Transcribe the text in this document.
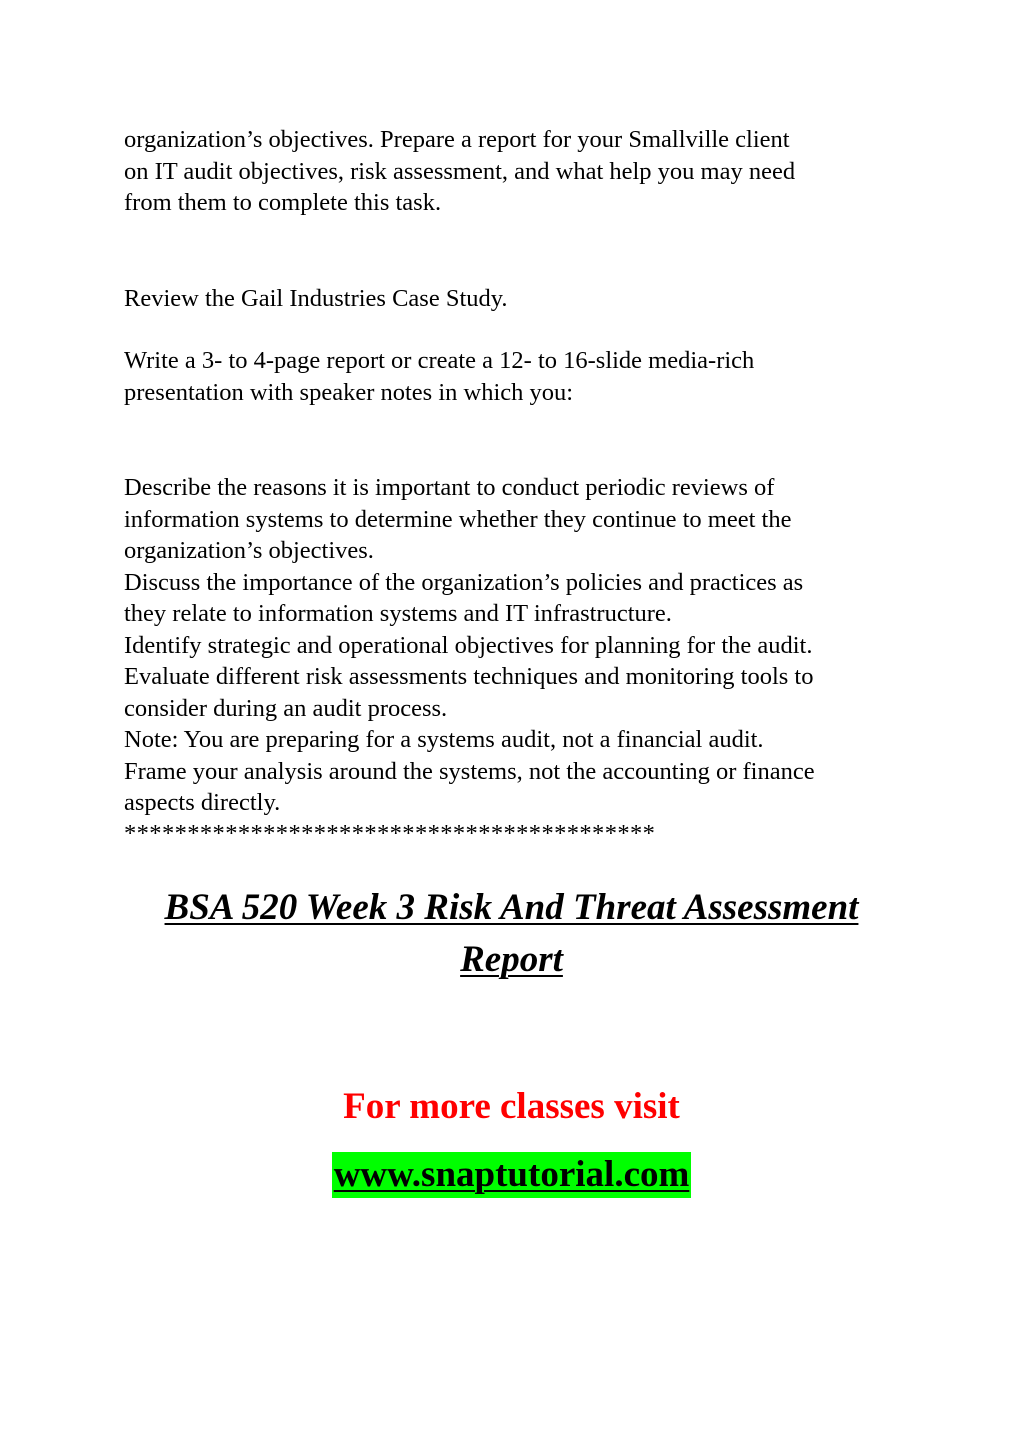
organization’s objectives. Prepare a report for your Smallville client
on IT audit objectives, risk assessment, and what help you may need
from them to complete this task.
Review the Gail Industries Case Study.
Write a 3- to 4-page report or create a 12- to 16-slide media-rich
presentation with speaker notes in which you:
Describe the reasons it is important to conduct periodic reviews of
information systems to determine whether they continue to meet the
organization’s objectives.
Discuss the importance of the organization’s policies and practices as
they relate to information systems and IT infrastructure.
Identify strategic and operational objectives for planning for the audit.
Evaluate different risk assessments techniques and monitoring tools to
consider during an audit process.
Note: You are preparing for a systems audit, not a financial audit.
Frame your analysis around the systems, not the accounting or finance
aspects directly.
******************************************
BSA 520 Week 3 Risk And Threat Assessment
Report
For more classes visit
www.snaptutorial.com
